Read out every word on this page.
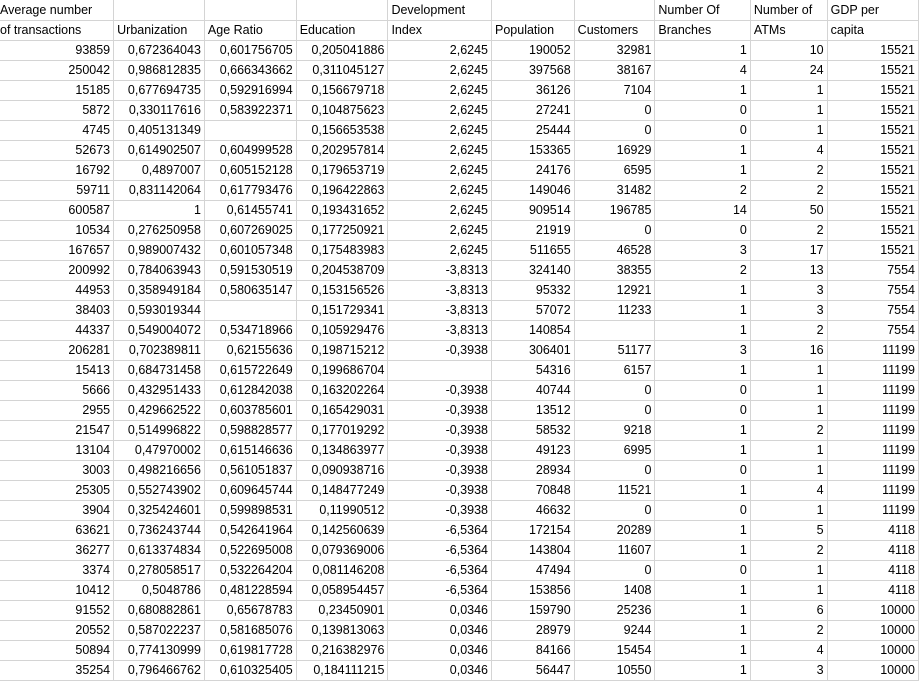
Average number				Development			Number Of	Number of	GDP per
of transactions	Urbanization	Age Ratio	Education	Index	Population	Customers	Branches	ATMs	capita
93859	0,672364043	0,601756705	0,205041886	2,6245	190052	32981	1	10	15521
250042	0,986812835	0,666343662	0,311045127	2,6245	397568	38167	4	24	15521
15185	0,677694735	0,592916994	0,156679718	2,6245	36126	7104	1	1	15521
5872	0,330117616	0,583922371	0,104875623	2,6245	27241	0	0	1	15521
4745	0,405131349		0,156653538	2,6245	25444	0	0	1	15521
52673	0,614902507	0,604999528	0,202957814	2,6245	153365	16929	1	4	15521
16792	0,4897007	0,605152128	0,179653719	2,6245	24176	6595	1	2	15521
59711	0,831142064	0,617793476	0,196422863	2,6245	149046	31482	2	2	15521
600587	1	0,61455741	0,193431652	2,6245	909514	196785	14	50	15521
10534	0,276250958	0,607269025	0,177250921	2,6245	21919	0	0	2	15521
167657	0,989007432	0,601057348	0,175483983	2,6245	511655	46528	3	17	15521
200992	0,784063943	0,591530519	0,204538709	-3,8313	324140	38355	2	13	7554
44953	0,358949184	0,580635147	0,153156526	-3,8313	95332	12921	1	3	7554
38403	0,593019344		0,151729341	-3,8313	57072	11233	1	3	7554
44337	0,549004072	0,534718966	0,105929476	-3,8313	140854		1	2	7554
206281	0,702389811	0,62155636	0,198715212	-0,3938	306401	51177	3	16	11199
15413	0,684731458	0,615722649	0,199686704		54316	6157	1	1	11199
5666	0,432951433	0,612842038	0,163202264	-0,3938	40744	0	0	1	11199
2955	0,429662522	0,603785601	0,165429031	-0,3938	13512	0	0	1	11199
21547	0,514996822	0,598828577	0,177019292	-0,3938	58532	9218	1	2	11199
13104	0,47970002	0,615146636	0,134863977	-0,3938	49123	6995	1	1	11199
3003	0,498216656	0,561051837	0,090938716	-0,3938	28934	0	0	1	11199
25305	0,552743902	0,609645744	0,148477249	-0,3938	70848	11521	1	4	11199
3904	0,325424601	0,599898531	0,11990512	-0,3938	46632	0	0	1	11199
63621	0,736243744	0,542641964	0,142560639	-6,5364	172154	20289	1	5	4118
36277	0,613374834	0,522695008	0,079369006	-6,5364	143804	11607	1	2	4118
3374	0,278058517	0,532264204	0,081146208	-6,5364	47494	0	0	1	4118
10412	0,5048786	0,481228594	0,058954457	-6,5364	153856	1408	1	1	4118
91552	0,680882861	0,65678783	0,23450901	0,0346	159790	25236	1	6	10000
20552	0,587022237	0,581685076	0,139813063	0,0346	28979	9244	1	2	10000
50894	0,774130999	0,619817728	0,216382976	0,0346	84166	15454	1	4	10000
35254	0,796466762	0,610325405	0,184111215	0,0346	56447	10550	1	3	10000
